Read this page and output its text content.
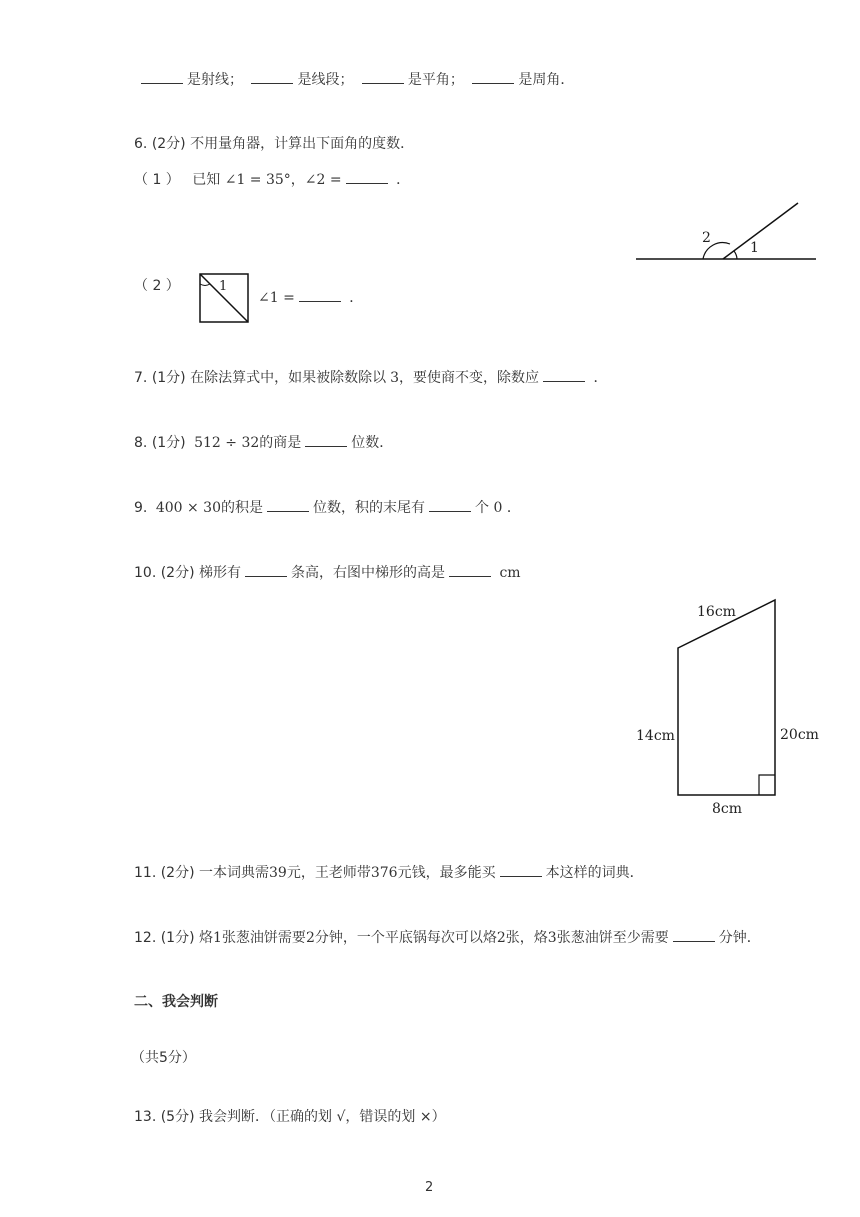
是射线；	是线段；	是平角；	是周角．
6. (2分) 不用量角器，计算出下面角的度数．
（ 1 ） 已知 ∠1 = 35°，∠2 =	．
2
1
（ 2 ）	1
∠1 =	．
7. (1分) 在除法算式中，如果被除数除以 3，要使商不变，除数应	．
8. (1分) 512 ÷ 32的商是	位数．
9. 400 × 30的积是	位数，积的末尾有	个 0 ．
10. (2分) 梯形有	条高，右图中梯形的高是	cm
16cm
14cm	20cm
8cm
11. (2分) 一本词典需39元，王老师带376元钱，最多能买	本这样的词典．
12. (1分) 烙1张葱油饼需要2分钟，一个平底锅每次可以烙2张，烙3张葱油饼至少需要	分钟．
二、我会判断
（共5分）
13. (5分) 我会判断．（正确的划 √，错误的划 ×）
2
